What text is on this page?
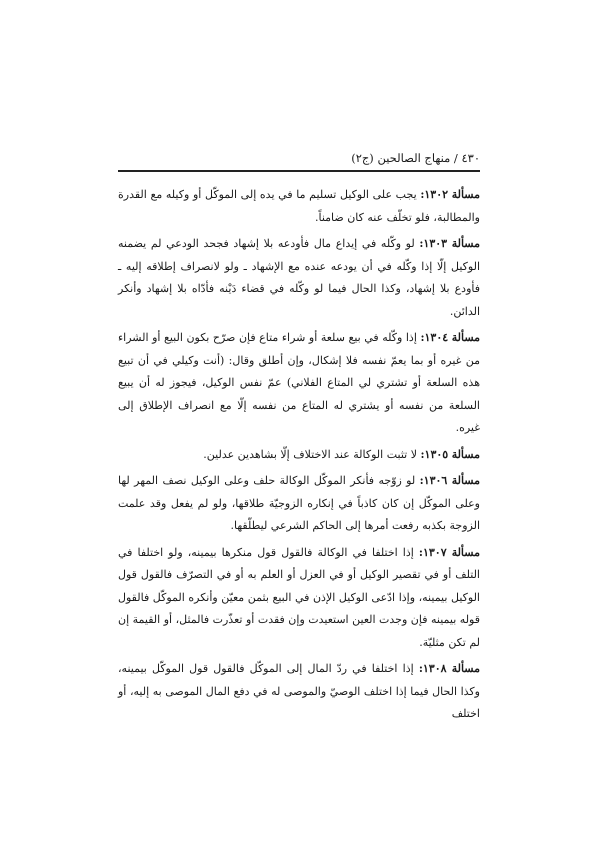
٤٣٠ / منهاج الصالحين (ج٢)

مسألة ١٣٠٢: يجب على الوكيل تسليم ما في يده إلى الموكّل أو وكيله مع القدرة والمطالبة، فلو تخلّف عنه كان ضامناً.

مسألة ١٣٠٣: لو وكّله في إيداع مال فأودعه بلا إشهاد فجحد الودعي لم يضمنه الوكيل إلّا إذا وكّله في أن يودعه عنده مع الإشهاد ـ ولو لانصراف إطلاقه إليه ـ فأودع بلا إشهاد، وكذا الحال فيما لو وكّله في قضاء دَيْنه فأدّاه بلا إشهاد وأنكر الدائن.

مسألة ١٣٠٤: إذا وكّله في بيع سلعة أو شراء متاع فإن صرّح بكون البيع أو الشراء من غيره أو بما يعمّ نفسه فلا إشكال، وإن أطلق وقال: (أنت وكيلي في أن تبيع هذه السلعة أو تشتري لي المتاع الفلاني) عمّ نفس الوكيل، فيجوز له أن يبيع السلعة من نفسه أو يشتري له المتاع من نفسه إلّا مع انصراف الإطلاق إلى غيره.

مسألة ١٣٠٥: لا تثبت الوكالة عند الاختلاف إلّا بشاهدين عدلين.

مسألة ١٣٠٦: لو زوّجه فأنكر الموكّل الوكالة حلف وعلى الوكيل نصف المهر لها وعلى الموكّل إن كان كاذباً في إنكاره الزوجيّة طلاقها، ولو لم يفعل وقد علمت الزوجة بكذبه رفعت أمرها إلى الحاكم الشرعي ليطلّقها.

مسألة ١٣٠٧: إذا اختلفا في الوكالة فالقول قول منكرها بيمينه، ولو اختلفا في التلف أو في تقصير الوكيل أو في العزل أو العلم به أو في التصرّف فالقول قول الوكيل بيمينه، وإذا ادّعى الوكيل الإذن في البيع بثمن معيّن وأنكره الموكّل فالقول قوله بيمينه فإن وجدت العين استعيدت وإن فقدت أو تعذّرت فالمثل، أو القيمة إن لم تكن مثليّة.

مسألة ١٣٠٨: إذا اختلفا في ردّ المال إلى الموكّل فالقول قول الموكّل بيمينه، وكذا الحال فيما إذا اختلف الوصيّ والموصى له في دفع المال الموصى به إليه، أو اختلف
